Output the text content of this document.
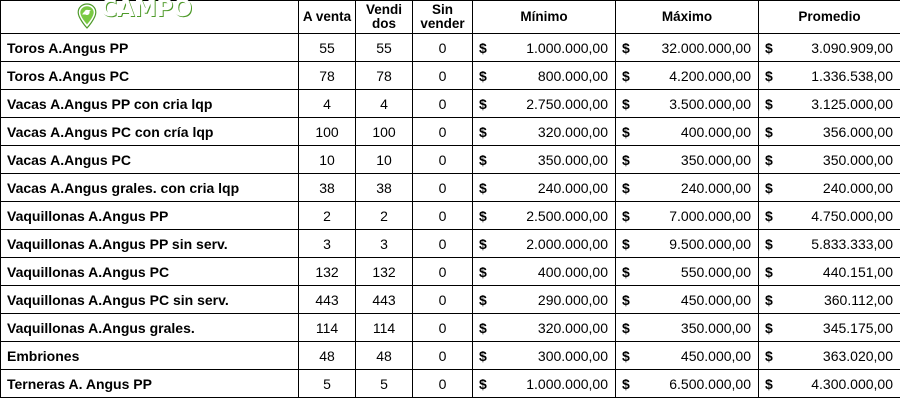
Detalle CAMPO
total	A venta	Vendi dos	Sin vender	Mínimo	Máximo	Promedio
Toros A.Angus PP	55	55	0	$ 1.000.000,00	$ 32.000.000,00	$ 3.090.909,00

Toros A.Angus PC	78	78	0	$ 800.000,00	$ 4.200.000,00	$ 1.336.538,00

Vacas A.Angus PP con cria lqp	4	4	0	$ 2.750.000,00	$ 3.500.000,00	$ 3.125.000,00

Vacas A.Angus PC con cría lqp	100	100	0	$ 320.000,00	$ 400.000,00	$ 356.000,00

Vacas A.Angus PC	10	10	0	$ 350.000,00	$ 350.000,00	$ 350.000,00

Vacas A.Angus grales. con cria lqp	38	38	0	$ 240.000,00	$ 240.000,00	$ 240.000,00

Vaquillonas A.Angus PP	2	2	0	$ 2.500.000,00	$ 7.000.000,00	$ 4.750.000,00

Vaquillonas A.Angus PP sin serv.	3	3	0	$ 2.000.000,00	$ 9.500.000,00	$ 5.833.333,00

Vaquillonas A.Angus PC	132	132	0	$ 400.000,00	$ 550.000,00	$ 440.151,00

Vaquillonas A.Angus PC sin serv.	443	443	0	$ 290.000,00	$ 450.000,00	$ 360.112,00

Vaquillonas A.Angus grales.	114	114	0	$ 320.000,00	$ 350.000,00	$ 345.175,00

Embriones	48	48	0	$ 300.000,00	$ 450.000,00	$ 363.020,00

Terneras A. Angus PP	5	5	0	$ 1.000.000,00	$ 6.500.000,00	$ 4.300.000,00
